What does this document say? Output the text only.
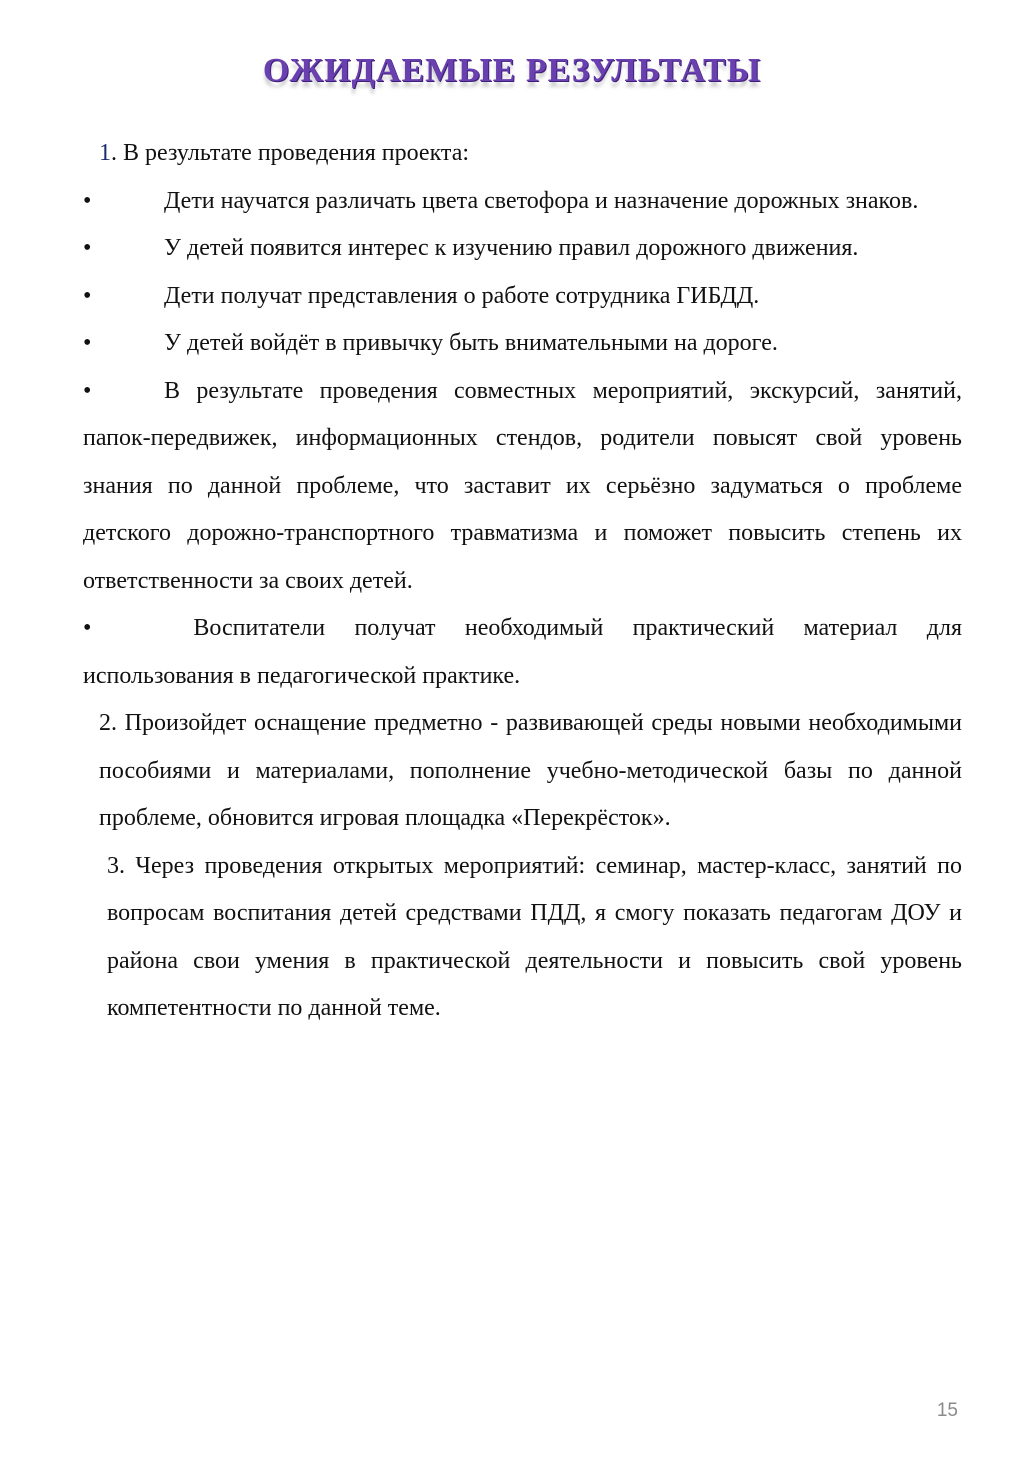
ОЖИДАЕМЫЕ РЕЗУЛЬТАТЫ

1. В результате проведения проекта:

•	Дети научатся различать цвета светофора и назначение дорожных знаков.

•	У детей появится интерес к изучению правил дорожного движения.

•	Дети получат представления о работе сотрудника ГИБДД.

•	У детей войдёт в привычку быть внимательными на дороге.

•	В результате проведения совместных мероприятий, экскурсий, занятий, папок-передвижек, информационных стендов, родители повысят свой уровень знания по данной проблеме, что заставит их серьёзно задуматься о проблеме детского дорожно-транспортного травматизма и поможет повысить степень их ответственности за своих детей.

•	Воспитатели получат необходимый практический материал для использования в педагогической практике.

2. Произойдет оснащение предметно - развивающей среды новыми необходимыми пособиями и материалами, пополнение учебно-методической базы по данной проблеме, обновится игровая площадка «Перекрёсток».

3. Через проведения открытых мероприятий: семинар, мастер-класс, занятий по вопросам воспитания детей средствами ПДД, я смогу показать педагогам ДОУ и района свои умения в практической деятельности и повысить свой уровень компетентности по данной теме.

15
